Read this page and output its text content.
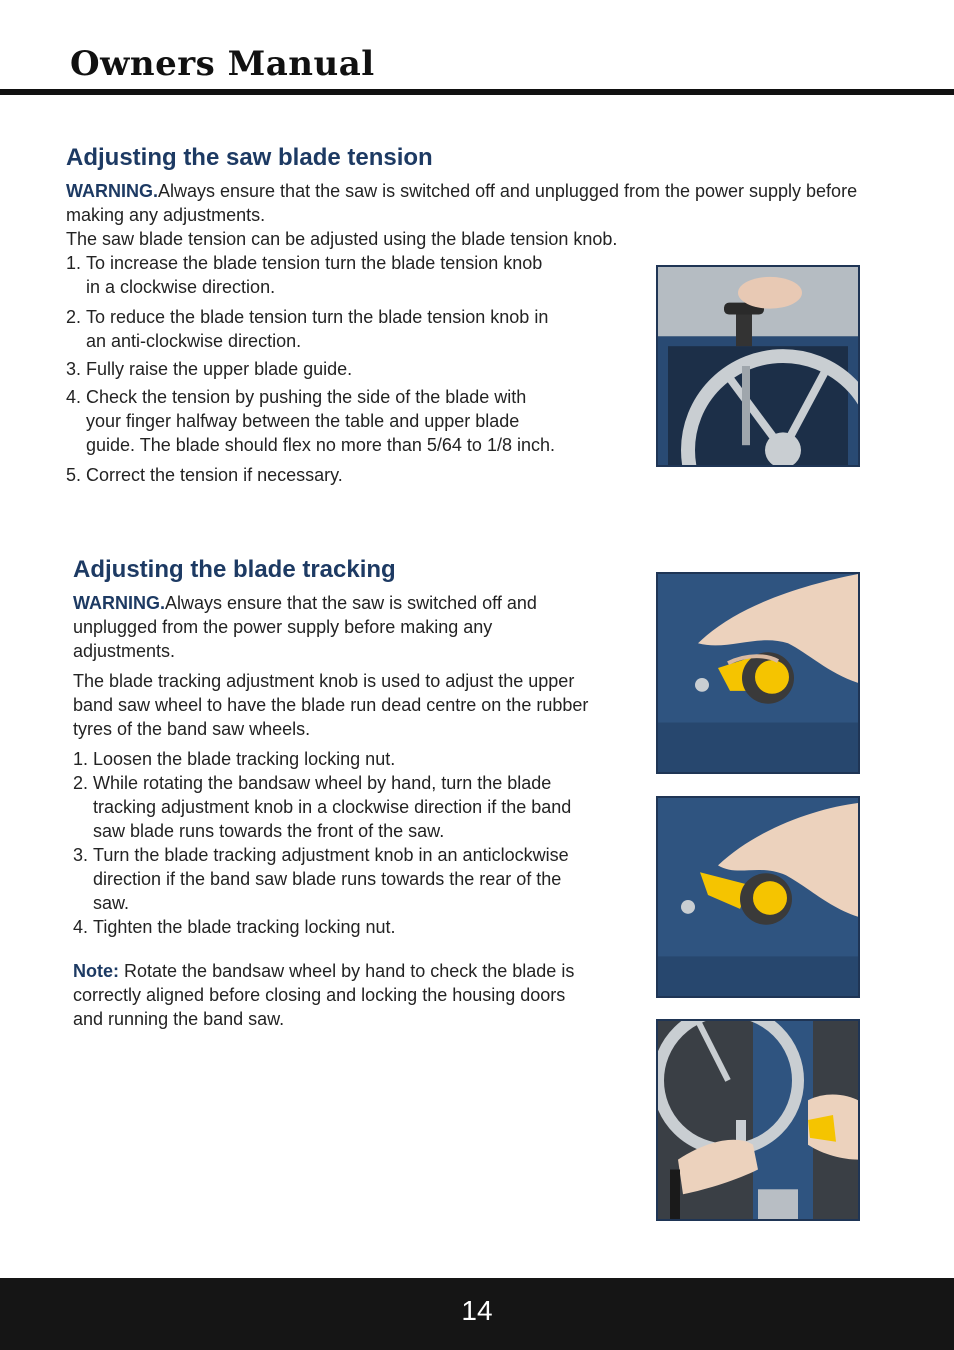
Owners Manual
Adjusting the saw blade tension

WARNING.Always ensure that the saw is switched off and unplugged from the power supply before making any adjustments.

The saw blade tension can be adjusted using the blade tension knob.

1. To increase the blade tension turn the blade tension knob in a clockwise direction.
2. To reduce the blade tension turn the blade tension knob in an anti-clockwise direction.
3. Fully raise the upper blade guide.
4. Check the tension by pushing the side of the blade with your finger halfway between the table and upper blade guide. The blade should flex no more than 5/64 to 1/8 inch.
5. Correct the tension if necessary.
Adjusting the blade tracking

WARNING.Always ensure that the saw is switched off and unplugged from the power supply before making any adjustments.

The blade tracking adjustment knob is used to adjust the upper band saw wheel to have the blade run dead centre on the rubber tyres of the band saw wheels.

1. Loosen the blade tracking locking nut.
2. While rotating the bandsaw wheel by hand, turn the blade tracking adjustment knob in a clockwise direction if the band saw blade runs towards the front of the saw.
3. Turn the blade tracking adjustment knob in an anticlockwise direction if the band saw blade runs towards the rear of the saw.
4. Tighten the blade tracking locking nut.

Note: Rotate the bandsaw wheel by hand to check the blade is correctly aligned before closing and locking the housing doors and running the band saw.

14
